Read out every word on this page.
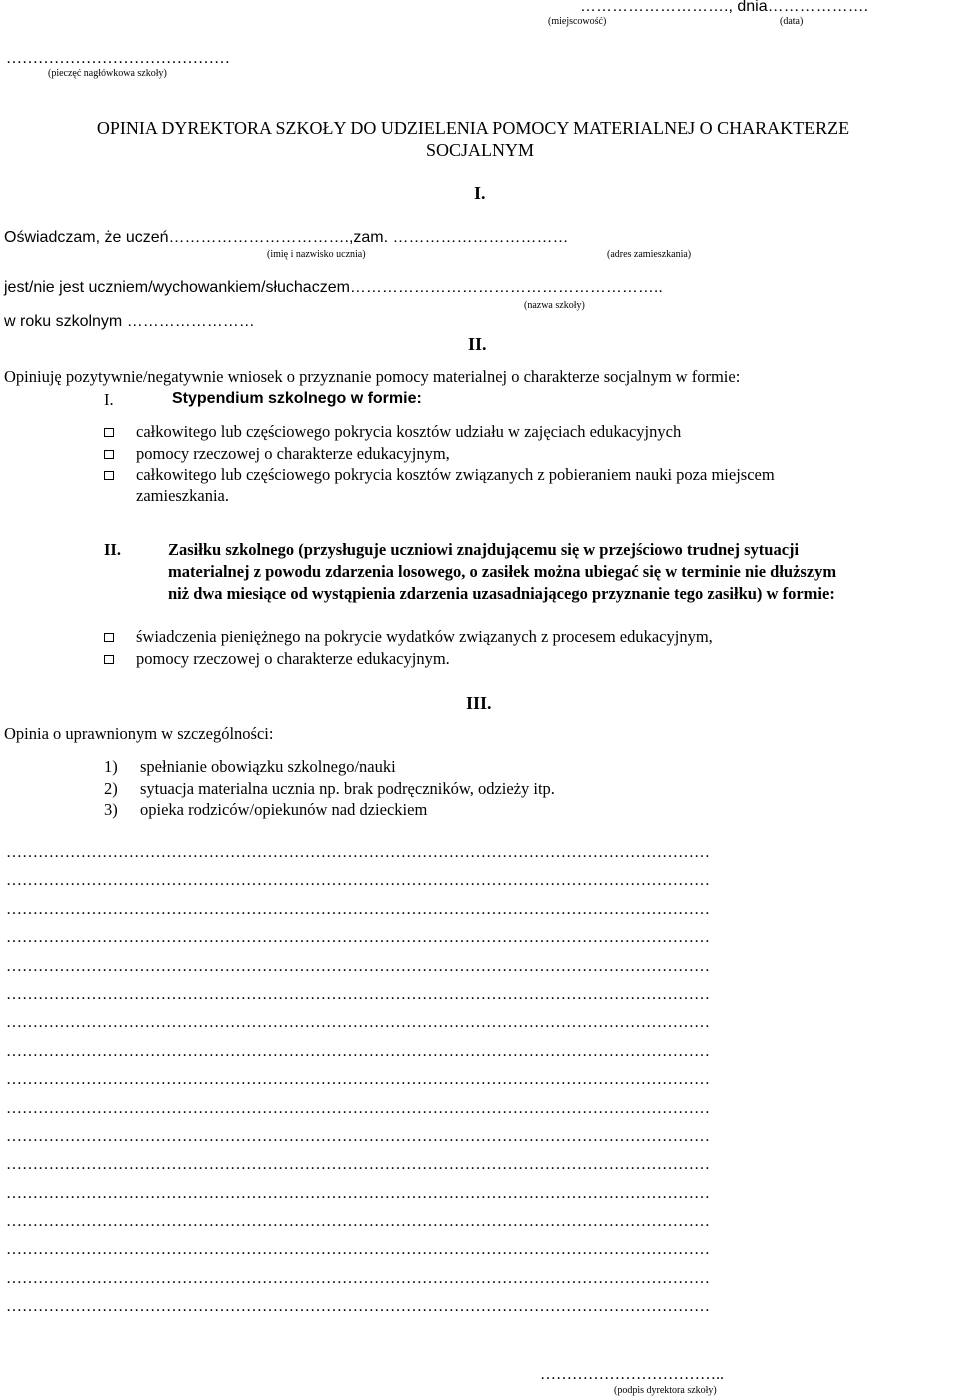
………………………., dnia……………….
(miejscowość)	(data)
……………………………………
(pieczęć nagłówkowa szkoły)
OPINIA DYREKTORA SZKOŁY DO UDZIELENIA POMOCY MATERIALNEJ O CHARAKTERZE
SOCJALNYM
I.
Oświadczam, że uczeń…………………………….,zam. ……………………………
(imię i nazwisko ucznia)	(adres zamieszkania)
jest/nie jest uczniem/wychowankiem/słuchaczem…………………………………………………..
(nazwa szkoły)
w roku szkolnym ……………………
II.
Opiniuję pozytywnie/negatywnie wniosek o przyznanie pomocy materialnej o charakterze socjalnym w formie:
I.	Stypendium szkolnego w formie:
całkowitego lub częściowego pokrycia kosztów udziału w zajęciach edukacyjnych
pomocy rzeczowej o charakterze edukacyjnym,
całkowitego lub częściowego pokrycia kosztów związanych z pobieraniem nauki poza miejscem
zamieszkania.
II.	Zasiłku szkolnego (przysługuje uczniowi znajdującemu się w przejściowo trudnej sytuacji
materialnej z powodu zdarzenia losowego, o zasiłek można ubiegać się w terminie nie dłuższym
niż dwa miesiące od wystąpienia zdarzenia uzasadniającego przyznanie tego zasiłku) w formie:
świadczenia pieniężnego na pokrycie wydatków związanych z procesem edukacyjnym,
pomocy rzeczowej o charakterze edukacyjnym.
III.
Opinia o uprawnionym w szczególności:
1) spełnianie obowiązku szkolnego/nauki
2) sytuacja materialna ucznia np. brak podręczników, odzieży itp.
3) opieka rodziców/opiekunów nad dzieckiem
……………………………………………………………………………………………………………………
……………………………………………………………………………………………………………………
……………………………………………………………………………………………………………………
……………………………………………………………………………………………………………………
……………………………………………………………………………………………………………………
……………………………………………………………………………………………………………………
……………………………………………………………………………………………………………………
……………………………………………………………………………………………………………………
……………………………………………………………………………………………………………………
……………………………………………………………………………………………………………………
……………………………………………………………………………………………………………………
……………………………………………………………………………………………………………………
……………………………………………………………………………………………………………………
……………………………………………………………………………………………………………………
……………………………………………………………………………………………………………………
……………………………………………………………………………………………………………………
……………………………………………………………………………………………………………………
……………………………..
(podpis dyrektora szkoły)
